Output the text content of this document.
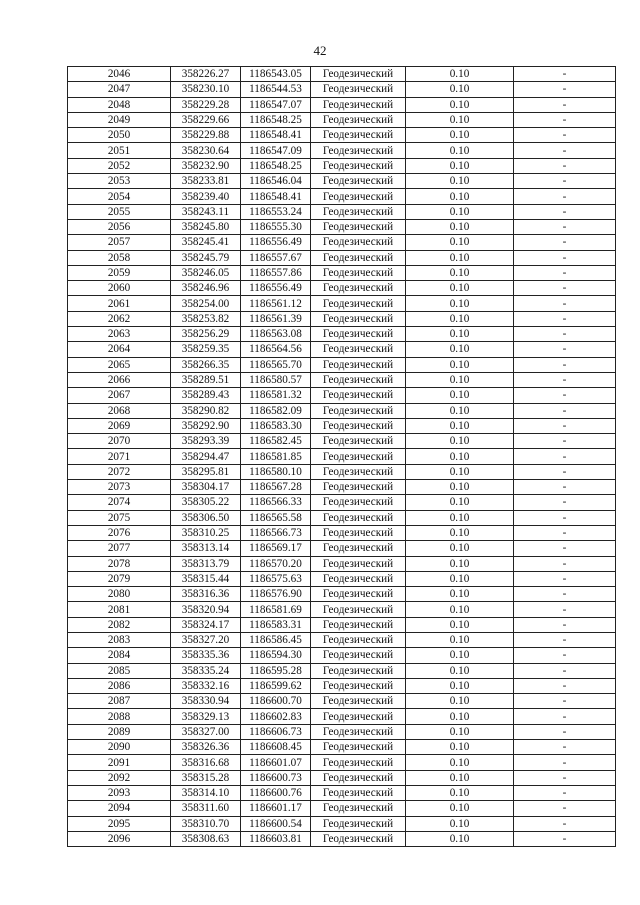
42
2046	358226.27	1186543.05	Геодезический	0.10	-
2047	358230.10	1186544.53	Геодезический	0.10	-
2048	358229.28	1186547.07	Геодезический	0.10	-
2049	358229.66	1186548.25	Геодезический	0.10	-
2050	358229.88	1186548.41	Геодезический	0.10	-
2051	358230.64	1186547.09	Геодезический	0.10	-
2052	358232.90	1186548.25	Геодезический	0.10	-
2053	358233.81	1186546.04	Геодезический	0.10	-
2054	358239.40	1186548.41	Геодезический	0.10	-
2055	358243.11	1186553.24	Геодезический	0.10	-
2056	358245.80	1186555.30	Геодезический	0.10	-
2057	358245.41	1186556.49	Геодезический	0.10	-
2058	358245.79	1186557.67	Геодезический	0.10	-
2059	358246.05	1186557.86	Геодезический	0.10	-
2060	358246.96	1186556.49	Геодезический	0.10	-
2061	358254.00	1186561.12	Геодезический	0.10	-
2062	358253.82	1186561.39	Геодезический	0.10	-
2063	358256.29	1186563.08	Геодезический	0.10	-
2064	358259.35	1186564.56	Геодезический	0.10	-
2065	358266.35	1186565.70	Геодезический	0.10	-
2066	358289.51	1186580.57	Геодезический	0.10	-
2067	358289.43	1186581.32	Геодезический	0.10	-
2068	358290.82	1186582.09	Геодезический	0.10	-
2069	358292.90	1186583.30	Геодезический	0.10	-
2070	358293.39	1186582.45	Геодезический	0.10	-
2071	358294.47	1186581.85	Геодезический	0.10	-
2072	358295.81	1186580.10	Геодезический	0.10	-
2073	358304.17	1186567.28	Геодезический	0.10	-
2074	358305.22	1186566.33	Геодезический	0.10	-
2075	358306.50	1186565.58	Геодезический	0.10	-
2076	358310.25	1186566.73	Геодезический	0.10	-
2077	358313.14	1186569.17	Геодезический	0.10	-
2078	358313.79	1186570.20	Геодезический	0.10	-
2079	358315.44	1186575.63	Геодезический	0.10	-
2080	358316.36	1186576.90	Геодезический	0.10	-
2081	358320.94	1186581.69	Геодезический	0.10	-
2082	358324.17	1186583.31	Геодезический	0.10	-
2083	358327.20	1186586.45	Геодезический	0.10	-
2084	358335.36	1186594.30	Геодезический	0.10	-
2085	358335.24	1186595.28	Геодезический	0.10	-
2086	358332.16	1186599.62	Геодезический	0.10	-
2087	358330.94	1186600.70	Геодезический	0.10	-
2088	358329.13	1186602.83	Геодезический	0.10	-
2089	358327.00	1186606.73	Геодезический	0.10	-
2090	358326.36	1186608.45	Геодезический	0.10	-
2091	358316.68	1186601.07	Геодезический	0.10	-
2092	358315.28	1186600.73	Геодезический	0.10	-
2093	358314.10	1186600.76	Геодезический	0.10	-
2094	358311.60	1186601.17	Геодезический	0.10	-
2095	358310.70	1186600.54	Геодезический	0.10	-
2096	358308.63	1186603.81	Геодезический	0.10	-
